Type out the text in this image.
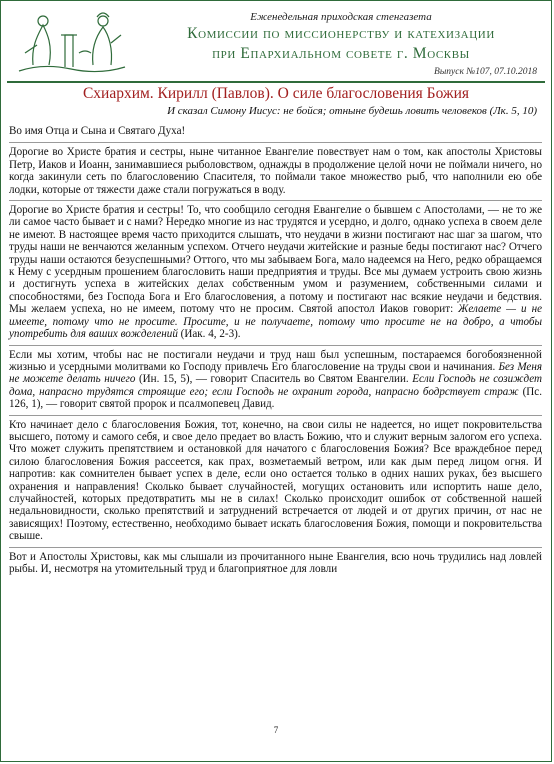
Еженедельная приходская стенгазета
Комиссии по миссионерству и катехизации
при Епархиальном совете г. Москвы
Выпуск №107, 07.10.2018
Схиархим. Кирилл (Павлов). О силе благословения Божия
И сказал Симону Иисус: не бойся; отныне будешь ловить человеков (Лк. 5, 10)

Во имя Отца и Сына и Святаго Духа!

Дорогие во Христе братия и сестры, ныне читанное Евангелие повествует нам о том, как апостолы Христовы Петр, Иаков и Иоанн, занимавшиеся рыболовством, однажды в продолжение целой ночи не поймали ничего, но когда закинули сеть по благословению Спасителя, то поймали такое множество рыб, что наполнили ею обе лодки, которые от тяжести даже стали погружаться в воду.

Дорогие во Христе братия и сестры! То, что сообщило сегодня Евангелие о бывшем с Апостолами, — не то же ли самое часто бывает и с нами? Нередко многие из нас трудятся и усердно, и долго, однако успеха в своем деле не имеют. В настоящее время часто приходится слышать, что неудачи в жизни постигают нас шаг за шагом, что труды наши не венчаются желанным успехом. Отчего неудачи житейские и разные беды постигают нас? Отчего труды наши остаются безуспешными? Оттого, что мы забываем Бога, мало надеемся на Него, редко обращаемся к Нему с усердным прошением благословить наши предприятия и труды. Все мы думаем устроить свою жизнь и достигнуть успеха в житейских делах собственным умом и разумением, собственными силами и способностями, без Господа Бога и Его благословения, а потому и постигают нас всякие неудачи и бедствия. Мы желаем успеха, но не имеем, потому что не просим. Святой апостол Иаков говорит: Желаете — и не имеете, потому что не просите. Просите, и не получаете, потому что просите не на добро, а чтобы употребить для ваших вожделений (Иак. 4, 2-3).

Если мы хотим, чтобы нас не постигали неудачи и труд наш был успешным, постараемся богобоязненной жизнью и усердными молитвами ко Господу привлечь Его благословение на труды свои и начинания. Без Меня не можете делать ничего (Ин. 15, 5), — говорит Спаситель во Святом Евангелии. Если Господь не созиждет дома, напрасно трудятся строящие его; если Господь не охранит города, напрасно бодрствует страж (Пс. 126, 1), — говорит святой пророк и псалмопевец Давид.

Кто начинает дело с благословения Божия, тот, конечно, на свои силы не надеется, но ищет покровительства высшего, потому и самого себя, и свое дело предает во власть Божию, что и служит верным залогом его успеха. Что может служить препятствием и остановкой для начатого с благословения Божия? Все враждебное перед силою благословения Божия рассеется, как прах, возметаемый ветром, или как дым перед лицом огня. И напротив: как сомнителен бывает успех в деле, если оно остается только в одних наших руках, без высшего охранения и направления! Сколько бывает случайностей, могущих остановить или испортить наше дело, случайностей, которых предотвратить мы не в силах! Сколько происходит ошибок от собственной нашей недальновидности, сколько препятствий и затруднений встречается от людей и от других причин, от нас не зависящих! Поэтому, естественно, необходимо бывает искать благословения Божия, помощи и покровительства свыше.

Вот и Апостолы Христовы, как мы слышали из прочитанного ныне Евангелия, всю ночь трудились над ловлей рыбы. И, несмотря на утомительный труд и благоприятное для ловли

7
